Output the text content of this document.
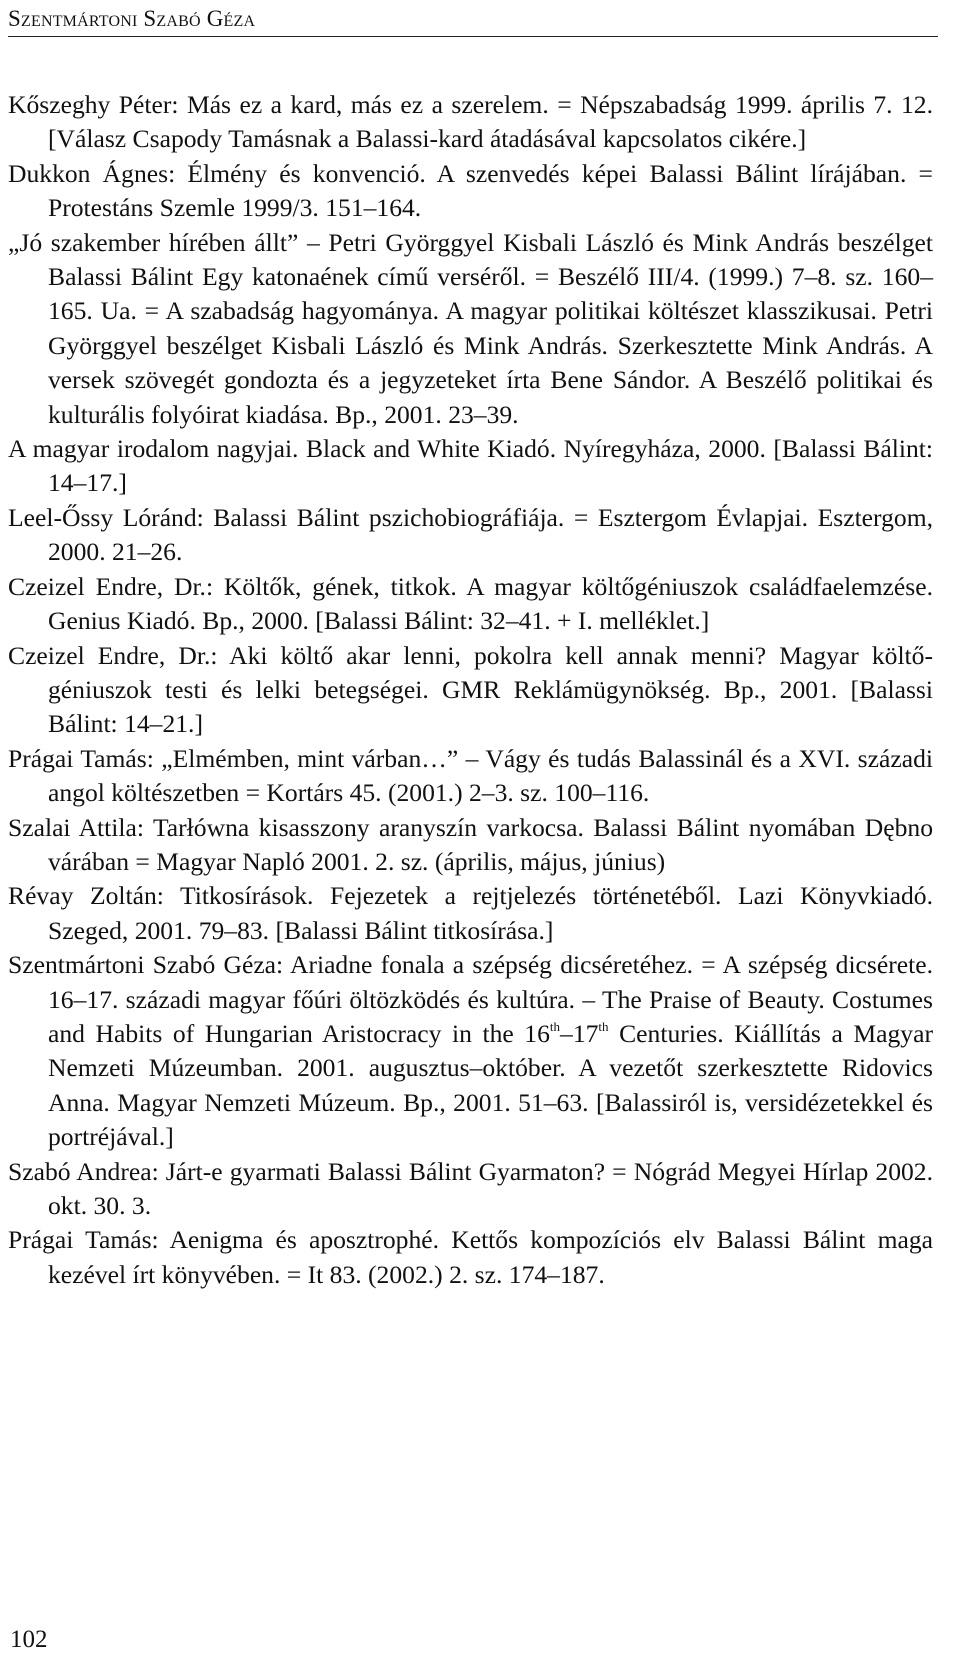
Szentmártoni Szabó Géza

Kőszeghy Péter: Más ez a kard, más ez a szerelem. = Népszabadság 1999. április 7. 12. [Válasz Csapody Tamásnak a Balassi-kard átadásával kapcsolatos cikére.]

Dukkon Ágnes: Élmény és konvenció. A szenvedés képei Balassi Bálint lírájában. = Protestáns Szemle 1999/3. 151–164.

„Jó szakember hírében állt” – Petri Györggyel Kisbali László és Mink András beszélget Balassi Bálint Egy katonaének című verséről. = Beszélő III/4. (1999.) 7–8. sz. 160–165. Ua. = A szabadság hagyománya. A magyar politikai költészet klasszikusai. Petri Györggyel beszélget Kisbali László és Mink András. Szerkesztette Mink András. A versek szövegét gondozta és a jegyzeteket írta Bene Sándor. A Beszélő politikai és kulturális folyóirat kiadása. Bp., 2001. 23–39.

A magyar irodalom nagyjai. Black and White Kiadó. Nyíregyháza, 2000. [Balassi Bálint: 14–17.]

Leel-Őssy Lóránd: Balassi Bálint pszichobiográfiája. = Esztergom Évlapjai. Esztergom, 2000. 21–26.

Czeizel Endre, Dr.: Költők, gének, titkok. A magyar költőgéniuszok családfaelemzése. Genius Kiadó. Bp., 2000. [Balassi Bálint: 32–41. + I. melléklet.]

Czeizel Endre, Dr.: Aki költő akar lenni, pokolra kell annak menni? Magyar költő-géniuszok testi és lelki betegségei. GMR Reklámügynökség. Bp., 2001. [Balassi Bálint: 14–21.]

Prágai Tamás: „Elmémben, mint várban…” – Vágy és tudás Balassinál és a XVI. századi angol költészetben = Kortárs 45. (2001.) 2–3. sz. 100–116.

Szalai Attila: Tarłówna kisasszony aranyszín varkocsa. Balassi Bálint nyomában Dębno várában = Magyar Napló 2001. 2. sz. (április, május, június)

Révay Zoltán: Titkosírások. Fejezetek a rejtjelezés történetéből. Lazi Könyvkiadó. Szeged, 2001. 79–83. [Balassi Bálint titkosírása.]

Szentmártoni Szabó Géza: Ariadne fonala a szépség dicséretéhez. = A szépség dicsérete. 16–17. századi magyar főúri öltözködés és kultúra. – The Praise of Beauty. Costumes and Habits of Hungarian Aristocracy in the 16th–17th Centuries. Kiállítás a Magyar Nemzeti Múzeumban. 2001. augusztus–október. A vezetőt szerkesztette Ridovics Anna. Magyar Nemzeti Múzeum. Bp., 2001. 51–63. [Balassiról is, versidézetekkel és portréjával.]

Szabó Andrea: Járt-e gyarmati Balassi Bálint Gyarmaton? = Nógrád Megyei Hírlap 2002. okt. 30. 3.

Prágai Tamás: Aenigma és aposztrophé. Kettős kompozíciós elv Balassi Bálint maga kezével írt könyvében. = It 83. (2002.) 2. sz. 174–187.

102
